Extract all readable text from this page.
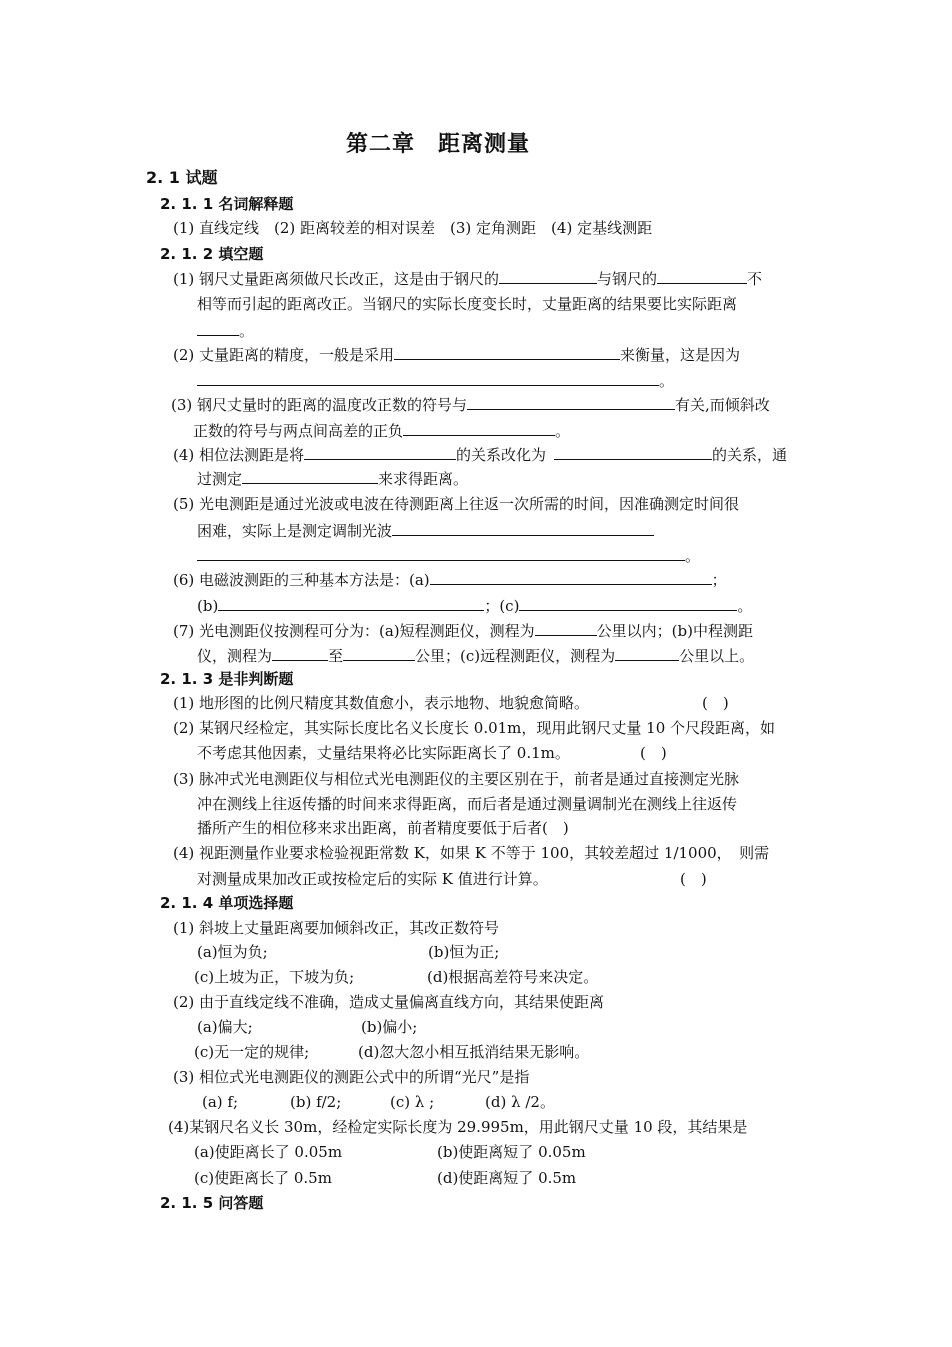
第二章　距离测量
2. 1 试题
2. 1. 1 名词解释题
(1) 直线定线　(2) 距离较差的相对误差　(3) 定角测距　(4) 定基线测距
2. 1. 2 填空题
(1) 钢尺丈量距离须做尺长改正，这是由于钢尺的	与钢尺的	不
相等而引起的距离改正。当钢尺的实际长度变长时，丈量距离的结果要比实际距离
。
(2) 丈量距离的精度，一般是采用	来衡量，这是因为
。
(3) 钢尺丈量时的距离的温度改正数的符号与	有关,而倾斜改
正数的符号与两点间高差的正负	。
(4) 相位法测距是将	的关系改化为	的关系，通
过测定	来求得距离。
(5) 光电测距是通过光波或电波在待测距离上往返一次所需的时间，因准确测定时间很
困难，实际上是测定调制光波
。
(6) 电磁波测距的三种基本方法是：(a)	；
(b)	；(c)	。
(7) 光电测距仪按测程可分为：(a)短程测距仪，测程为	公里以内；(b)中程测距
仪，测程为	至	公里；(c)远程测距仪，测程为	公里以上。
2. 1. 3 是非判断题
(1) 地形图的比例尺精度其数值愈小，表示地物、地貌愈简略。	(　)
(2) 某钢尺经检定，其实际长度比名义长度长 0.01m，现用此钢尺丈量 10 个尺段距离，如
不考虑其他因素，丈量结果将必比实际距离长了 0.1m。	(　)
(3) 脉冲式光电测距仪与相位式光电测距仪的主要区别在于，前者是通过直接测定光脉
冲在测线上往返传播的时间来求得距离，而后者是通过测量调制光在测线上往返传
播所产生的相位移来求出距离，前者精度要低于后者(　)
(4) 视距测量作业要求检验视距常数 K，如果 K 不等于 100，其较差超过 1/1000，　则需
对测量成果加改正或按检定后的实际 K 值进行计算。	(　)
2. 1. 4 单项选择题
(1) 斜坡上丈量距离要加倾斜改正，其改正数符号
(a)恒为负;	(b)恒为正;
(c)上坡为正，下坡为负;	(d)根据高差符号来决定。
(2) 由于直线定线不准确，造成丈量偏离直线方向，其结果使距离
(a)偏大;	(b)偏小;
(c)无一定的规律;	(d)忽大忽小相互抵消结果无影响。
(3) 相位式光电测距仪的测距公式中的所谓“光尺”是指
(a) f;	(b) f/2;	(c) λ ;	(d) λ /2。
(4)某钢尺名义长 30m，经检定实际长度为 29.995m，用此钢尺丈量 10 段，其结果是
(a)使距离长了 0.05m	(b)使距离短了 0.05m
(c)使距离长了 0.5m	(d)使距离短了 0.5m
2. 1. 5 问答题
